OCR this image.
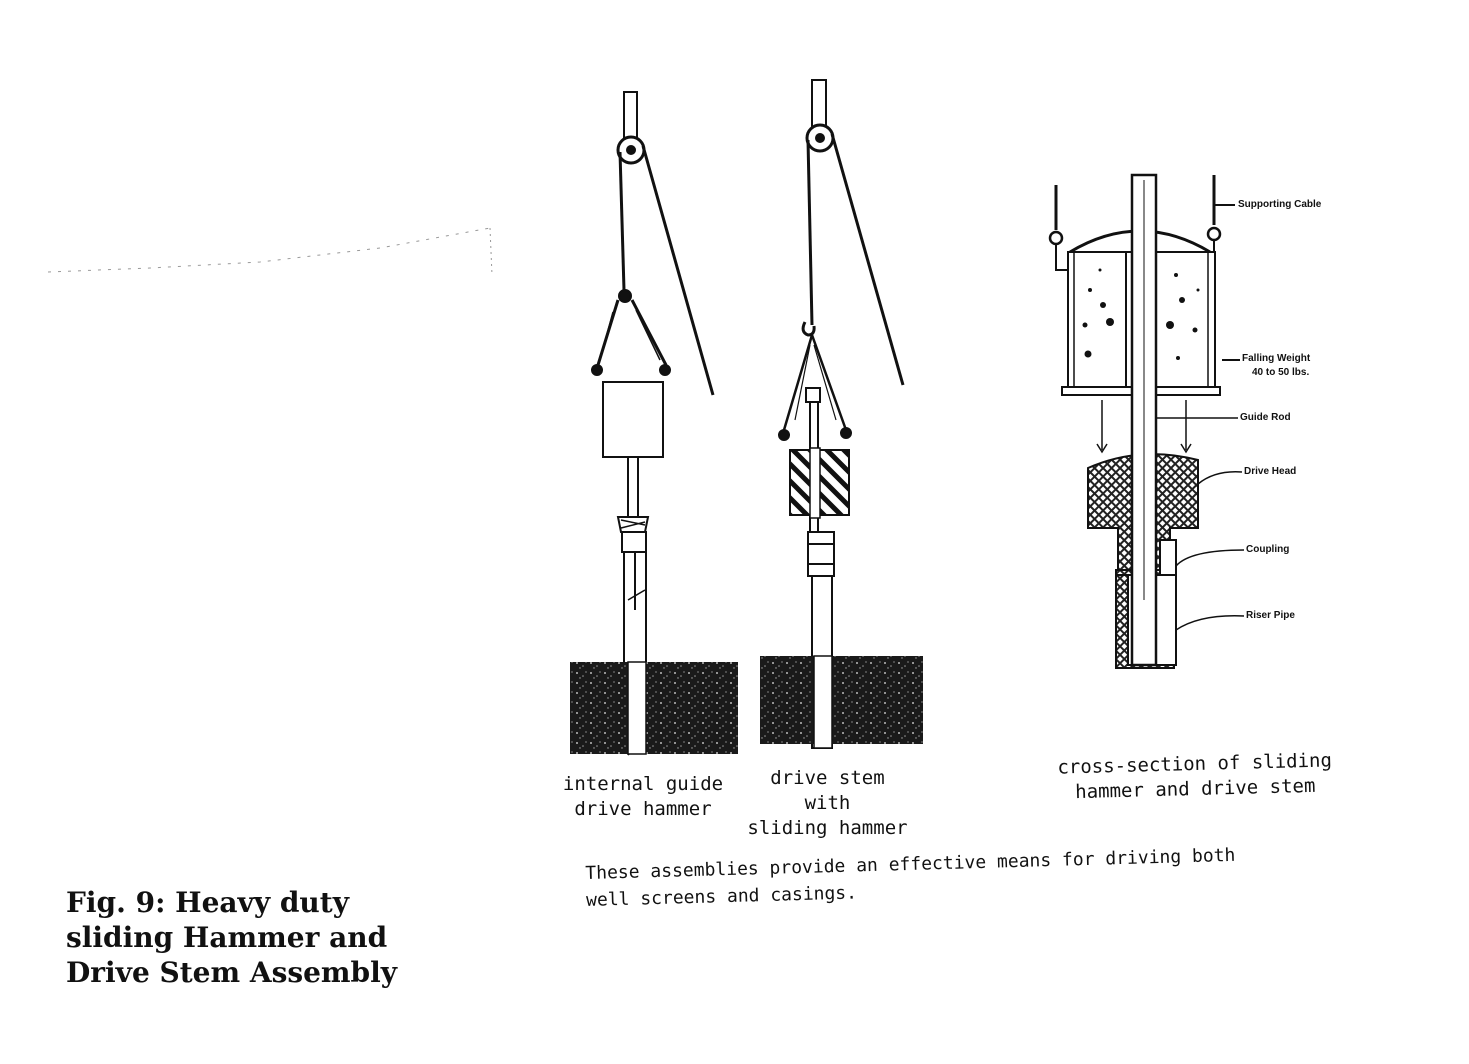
Supporting Cable
Falling Weight
40 to 50 lbs.
Guide Rod
Drive Head
Coupling
Riser Pipe
internal guide
drive hammer
drive stem
with
sliding hammer
cross-section of sliding
hammer and drive stem
Fig. 9: Heavy duty
sliding Hammer and
Drive Stem Assembly
These assemblies provide an effective means for driving both
well screens and casings.
